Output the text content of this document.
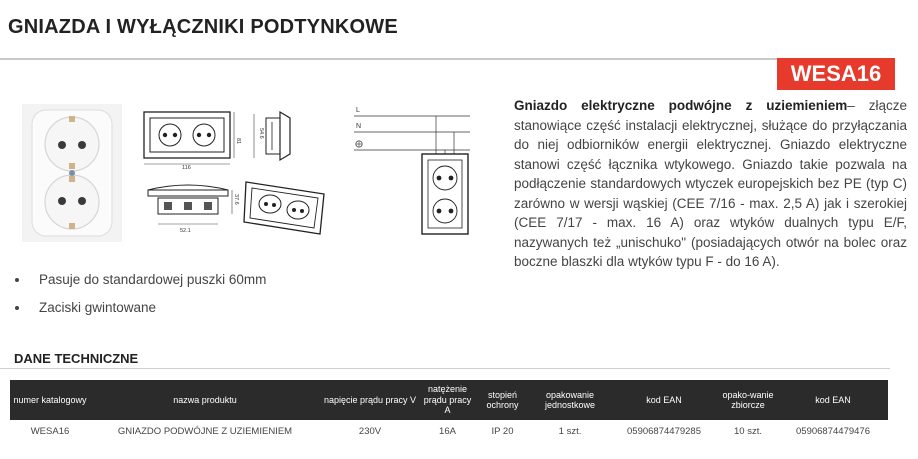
GNIAZDA I WYŁĄCZNIKI PODTYNKOWE
WESA16
81
116
54.6
37.6
52.1
L
N
Gniazdo elektryczne podwójne z uziemieniem– złącze stanowiące część instalacji elektrycznej, służące do przyłączania do niej odbiorników energii elektrycznej. Gniazdo elektryczne stanowi część łącznika wtykowego. Gniazdo takie pozwala na podłączenie standardowych wtyczek europejskich bez PE (typ C) zarówno w wersji wąskiej (CEE 7/16 - max. 2,5 A) jak i szerokiej (CEE 7/17 - max. 16 A) oraz wtyków dualnych typu E/F, nazywanych też „unischuko" (posiadających otwór na bolec oraz boczne blaszki dla wtyków typu F - do 16 A).
Pasuje do standardowej puszki 60mm
Zaciski gwintowane
DANE TECHNICZNE
numer katalogowy	nazwa produktu	napięcie prądu pracy V	natężenie prądu pracy A	stopień ochrony	opakowanie jednostkowe	kod EAN	opako-wanie zbiorcze	kod EAN
WESA16	GNIAZDO PODWÓJNE Z UZIEMIENIEM	230V	16A	IP 20	1 szt.	05906874479285	10 szt.	05906874479476
